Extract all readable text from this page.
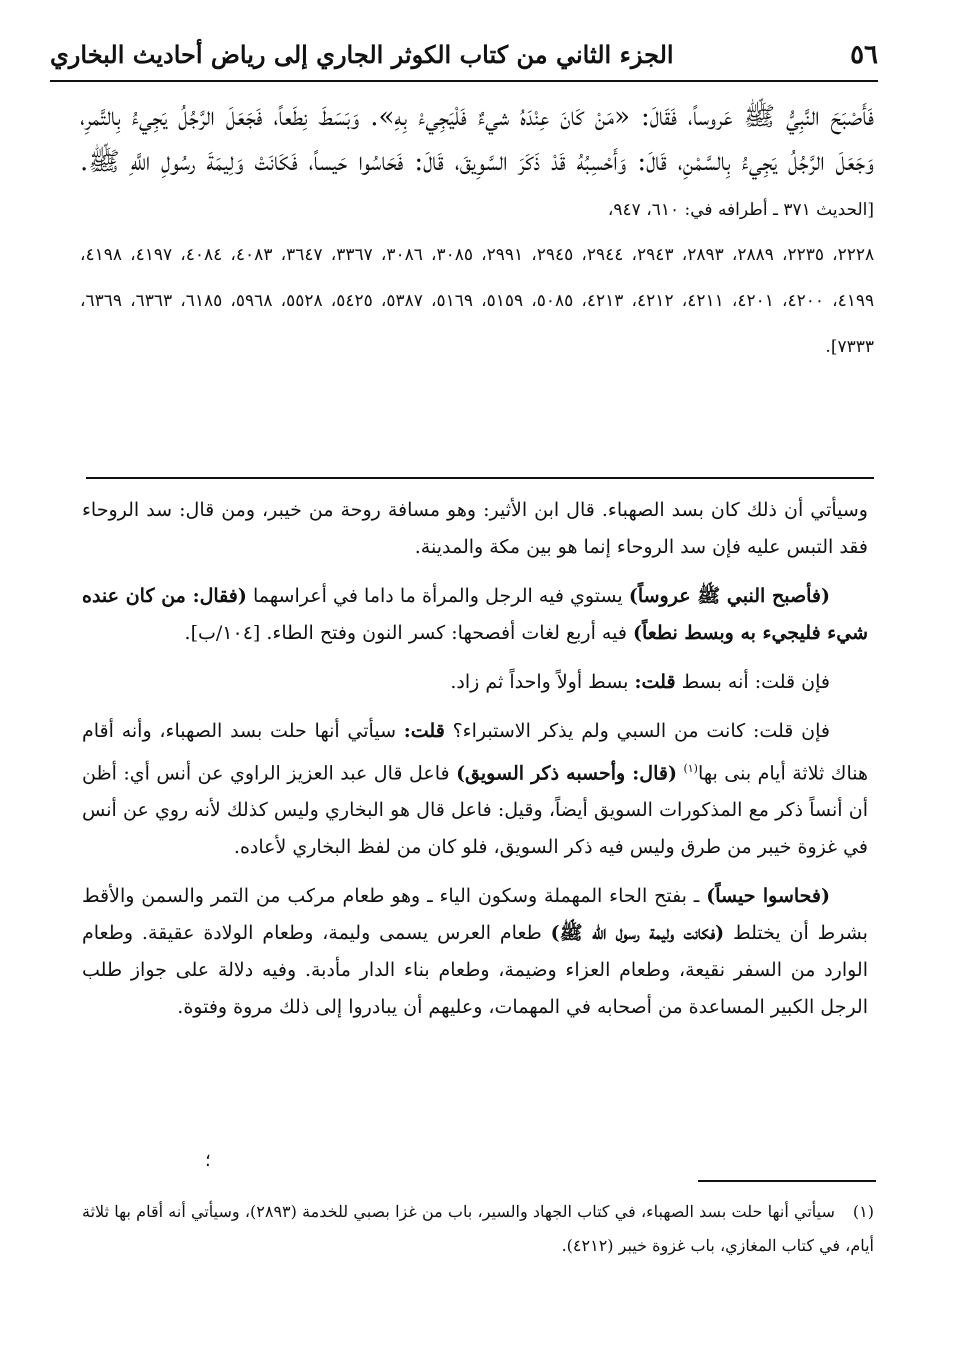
٥٦
الجزء الثاني من كتاب الكوثر الجاري إلى رياض أحاديث البخاري
فَأَصْبَحَ النَّبِيُّ ﷺ عَروساً، فَقَالَ: «مَنْ كَانَ عِنْدَهُ شيءٌ فَلْيَجِيءْ بِهِ». وَبَسَطَ نِطَعاً، فَجَعَلَ الرَّجُلُ يَجِيءُ بِالتَّمرِ، وَجَعَلَ الرَّجُلُ يَجِيءُ بِالسَّمْنِ، قَالَ: وَأَحْسِبُهُ قَدْ ذَكَرَ السَّوِيقَ، قَالَ: فَحَاسُوا حَيساً، فَكَانَتْ وَلِيمَةَ رسُولِ اللَّهِ ﷺ. [الحديث ٣٧١ ـ أطرافه في: ٦١٠، ٩٤٧،
٢٢٢٨، ٢٢٣٥، ٢٨٨٩، ٢٨٩٣، ٢٩٤٣، ٢٩٤٤، ٢٩٤٥، ٢٩٩١، ٣٠٨٥، ٣٠٨٦، ٣٣٦٧، ٣٦٤٧، ٤٠٨٣، ٤٠٨٤، ٤١٩٧، ٤١٩٨، ٤١٩٩، ٤٢٠٠، ٤٢٠١، ٤٢١١، ٤٢١٢، ٤٢١٣، ٥٠٨٥، ٥١٥٩، ٥١٦٩، ٥٣٨٧، ٥٤٢٥، ٥٥٢٨، ٥٩٦٨، ٦١٨٥، ٦٣٦٣، ٦٣٦٩، ٧٣٣٣].

وسيأتي أن ذلك كان بسد الصهباء. قال ابن الأثير: وهو مسافة روحة من خيبر، ومن قال: سد الروحاء فقد التبس عليه فإن سد الروحاء إنما هو بين مكة والمدينة.

(فأصبح النبي ﷺ عروساً) يستوي فيه الرجل والمرأة ما داما في أعراسهما (فقال: من كان عنده شيء فليجيء به وبسط نطعاً) فيه أربع لغات أفصحها: كسر النون وفتح الطاء. [١٠٤/ب].

فإن قلت: أنه بسط قلت: بسط أولاً واحداً ثم زاد.

فإن قلت: كانت من السبي ولم يذكر الاستبراء؟ قلت: سيأتي أنها حلت بسد الصهباء، وأنه أقام هناك ثلاثة أيام بنى بها$^{(١)}$ (قال: وأحسبه ذكر السويق) فاعل قال عبد العزيز الراوي عن أنس أي: أظن أن أنساً ذكر مع المذكورات السويق أيضاً، وقيل: فاعل قال هو البخاري وليس كذلك لأنه روي عن أنس في غزوة خيبر من طرق وليس فيه ذكر السويق، فلو كان من لفظ البخاري لأعاده.

(فحاسوا حيساً) ـ بفتح الحاء المهملة وسكون الياء ـ وهو طعام مركب من التمر والسمن والأقط بشرط أن يختلط (فكانت وليمة رسول الله ﷺ) طعام العرس يسمى وليمة، وطعام الولادة عقيقة. وطعام الوارد من السفر نقيعة، وطعام العزاء وضيمة، وطعام بناء الدار مأدبة. وفيه دلالة على جواز طلب الرجل الكبير المساعدة من أصحابه في المهمات، وعليهم أن يبادروا إلى ذلك مروة وفتوة.

؛
(١)سيأتي أنها حلت بسد الصهباء، في كتاب الجهاد والسير، باب من غزا بصبي للخدمة (٢٨٩٣)، وسيأتي أنه أقام بها ثلاثة أيام، في كتاب المغازي، باب غزوة خيبر (٤٢١٢).
